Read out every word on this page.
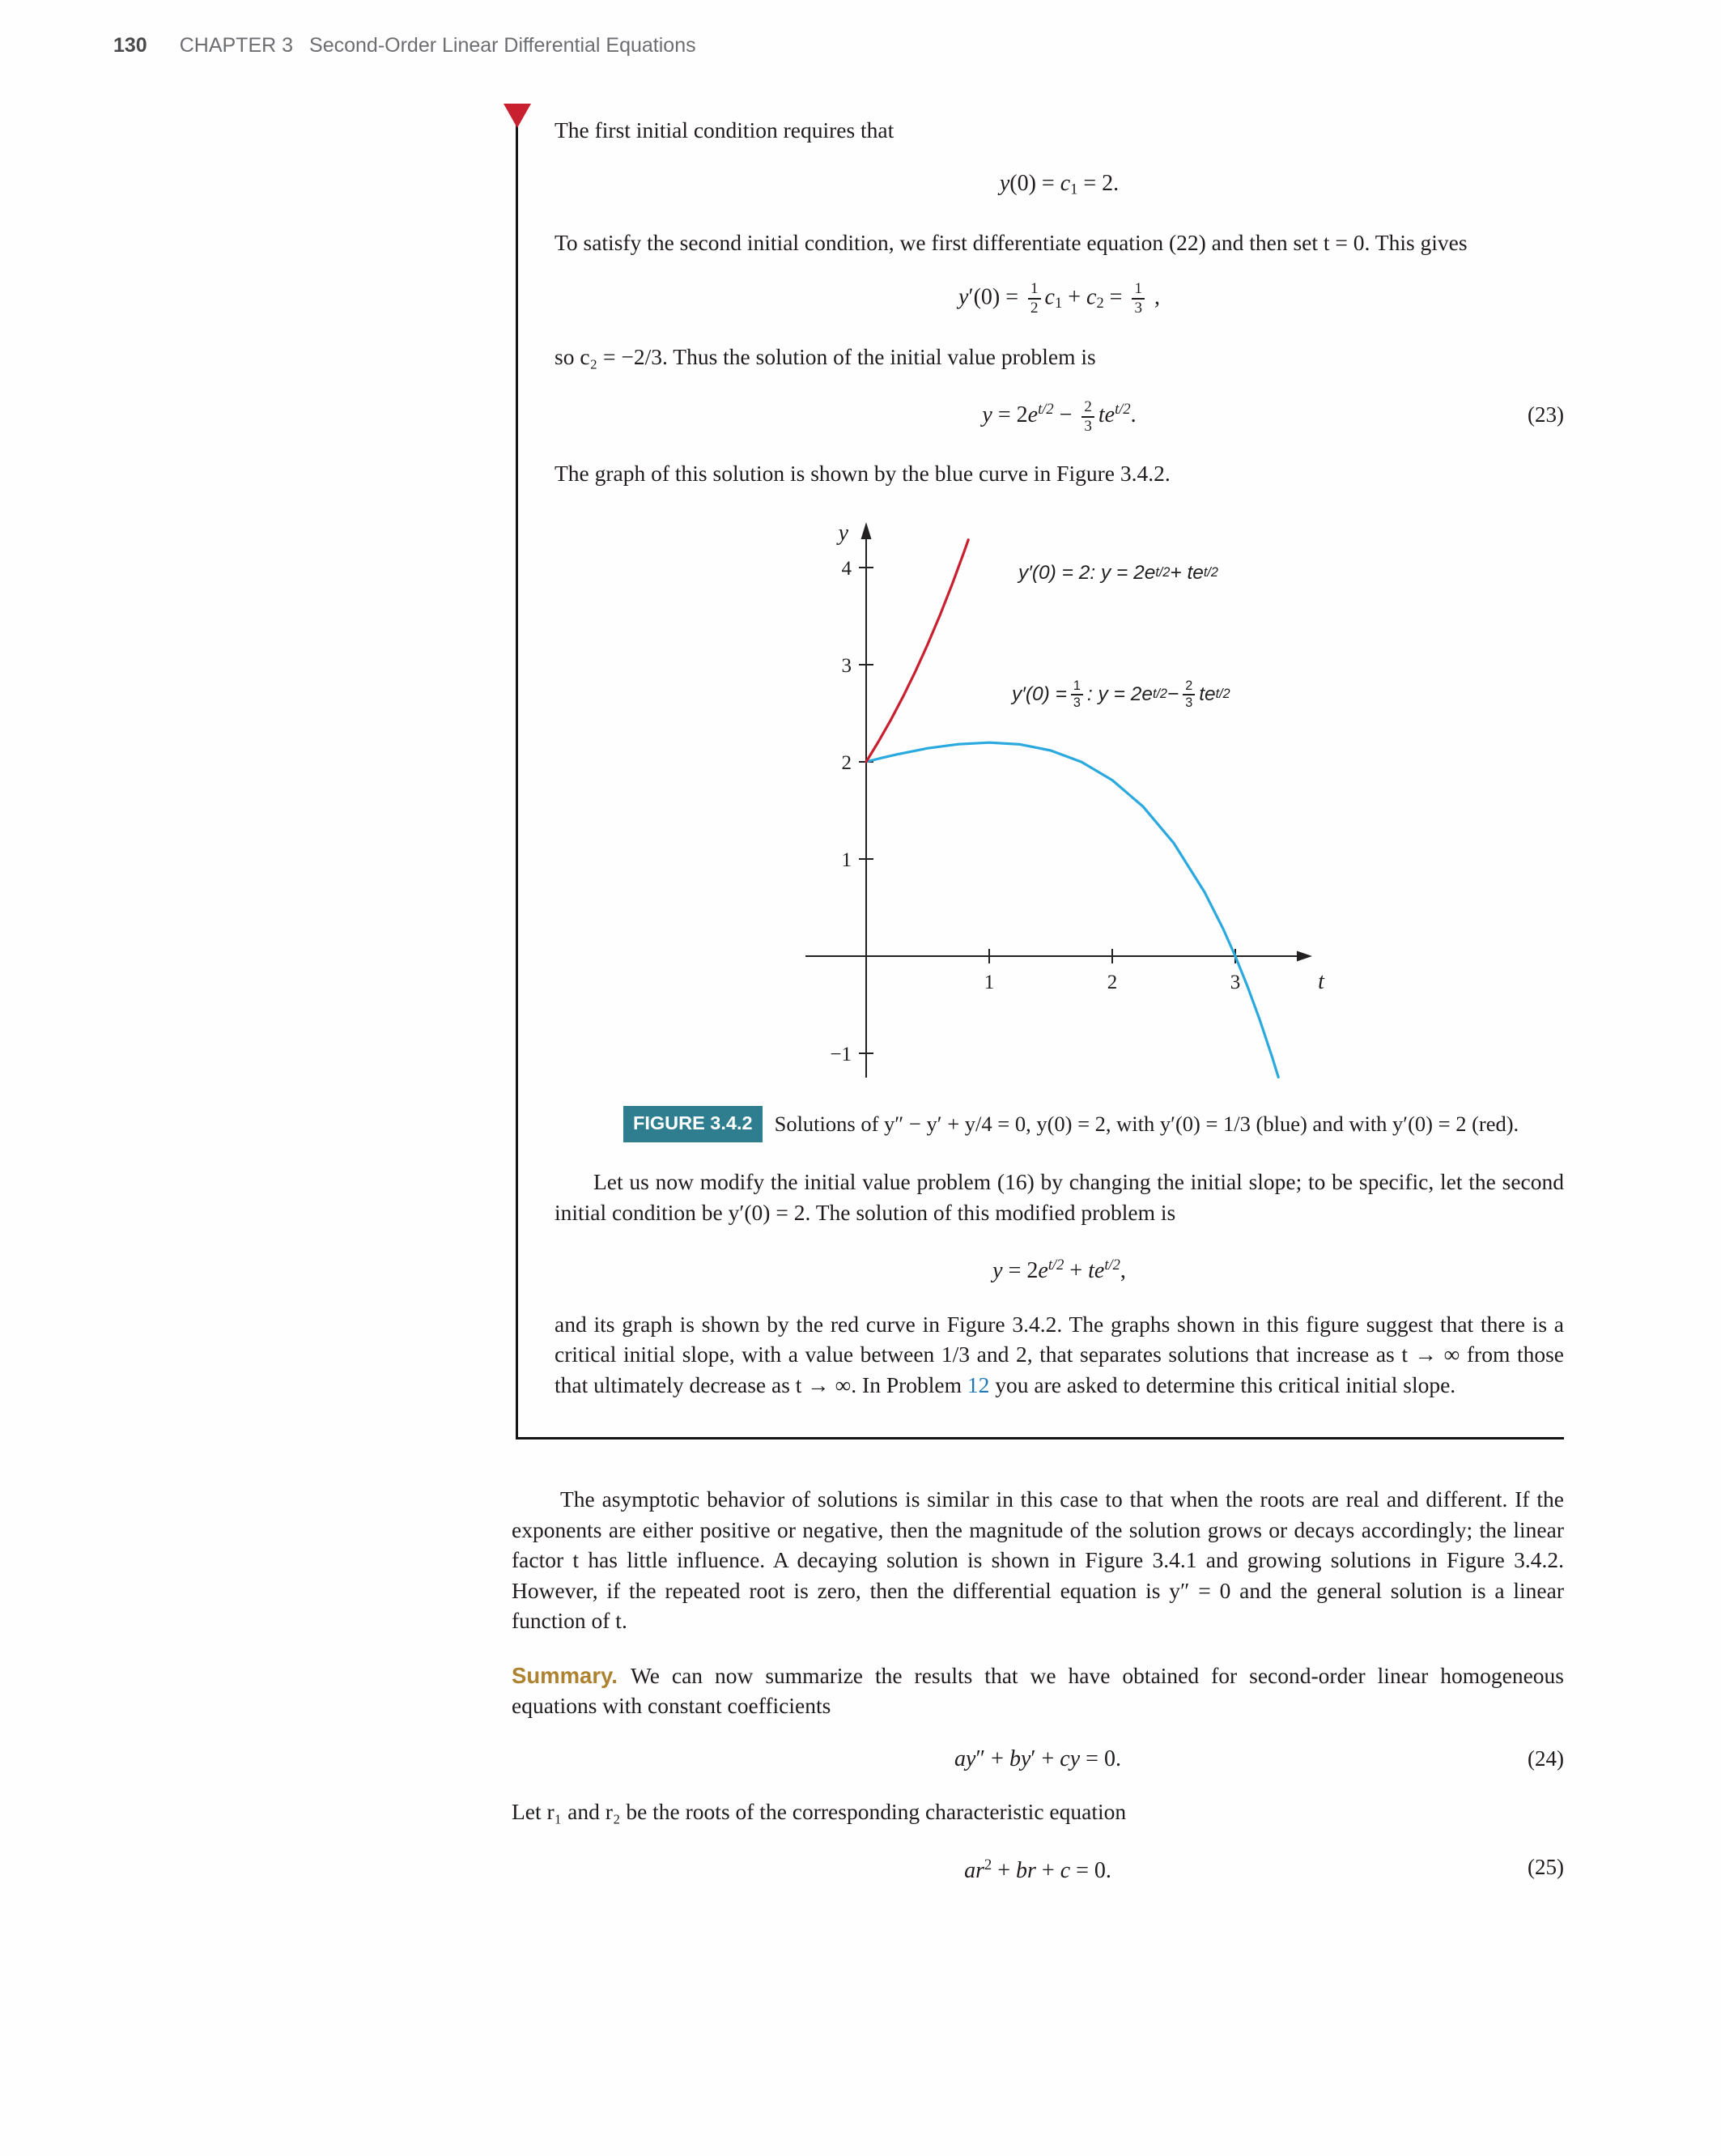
130 CHAPTER 3 Second-Order Linear Differential Equations

The first initial condition requires that

y(0) = c1 = 2.

To satisfy the second initial condition, we first differentiate equation (22) and then set t = 0. This gives

$y'(0) = \frac{1}{2} c1 + c2 = \frac{1}{3}$ ,

so c₂ = −2/3. Thus the solution of the initial value problem is

$y = 2e^{t/2} - \frac{2}{3} te^{t/2}$.	(23)

The graph of this solution is shown by the blue curve in Figure 3.4.2.

1	2	3
−1
1
2
3
4
y
t
y′(0) = 2: y = 2e t/2 + te t/2
$y'(0) = \frac{1}{3}$ : y = 2e $t/2 - \frac{2}{3}$ te t/2
FIGURE 3.4.2 Solutions of y″ − y′ + y/4 = 0, y(0) = 2, with y′(0) = 1/3 (blue) and with y′(0) = 2 (red).

Let us now modify the initial value problem (16) by changing the initial slope; to be specific, let the second initial condition be y′(0) = 2. The solution of this modified problem is

$y = 2e^{t/2} + te^{t/2}$,

and its graph is shown by the red curve in Figure 3.4.2. The graphs shown in this figure suggest that there is a critical initial slope, with a value between 1/3 and 2, that separates solutions that increase as t → ∞ from those that ultimately decrease as t → ∞. In Problem 12 you are asked to determine this critical initial slope.

The asymptotic behavior of solutions is similar in this case to that when the roots are real and different. If the exponents are either positive or negative, then the magnitude of the solution grows or decays accordingly; the linear factor t has little influence. A decaying solution is shown in Figure 3.4.1 and growing solutions in Figure 3.4.2. However, if the repeated root is zero, then the differential equation is y″ = 0 and the general solution is a linear function of t.

Summary. We can now summarize the results that we have obtained for second-order linear homogeneous equations with constant coefficients

ay″ + by′ + cy = 0.	(24)

Let r₁ and r₂ be the roots of the corresponding characteristic equation

$ar^2$ + br + c = 0.	(25)
